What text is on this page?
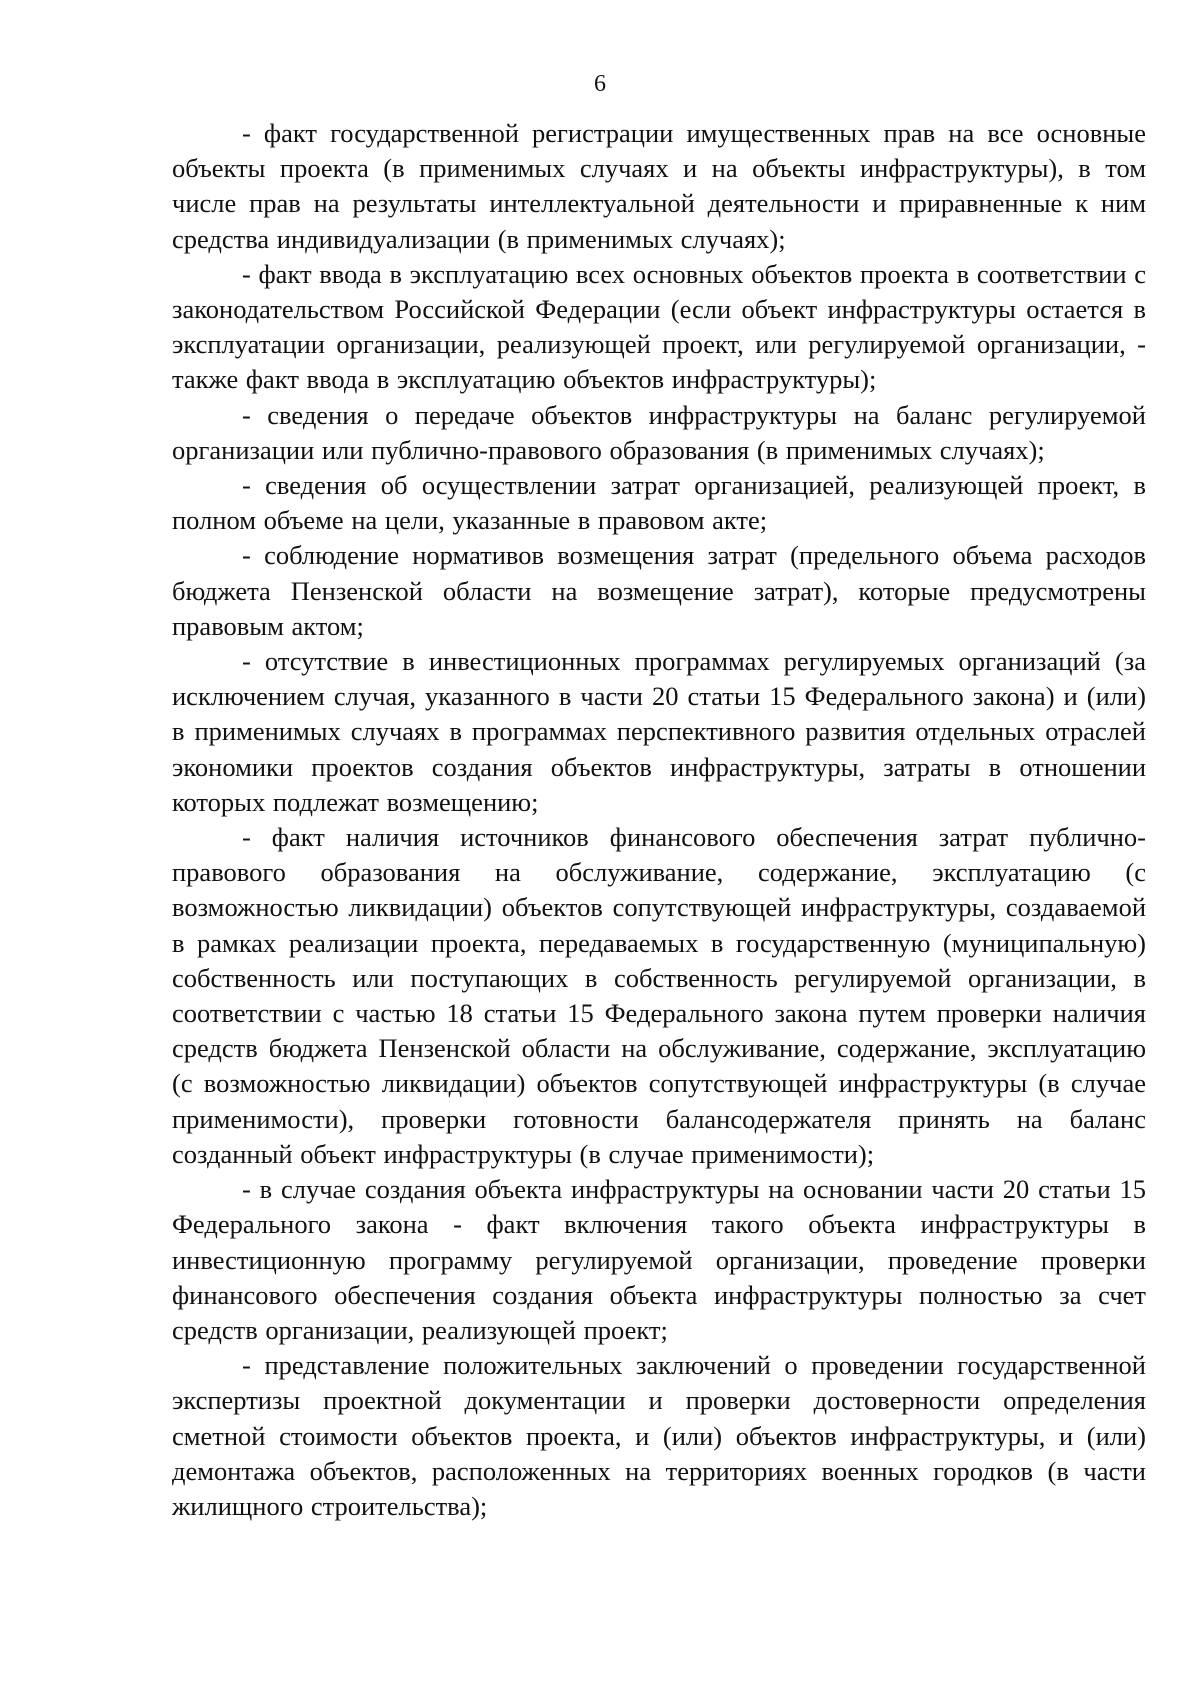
6

- факт государственной регистрации имущественных прав на все основные объекты проекта (в применимых случаях и на объекты инфраструктуры), в том числе прав на результаты интеллектуальной деятельности и приравненные к ним средства индивидуализации (в применимых случаях);

- факт ввода в эксплуатацию всех основных объектов проекта в соответствии с законодательством Российской Федерации (если объект инфраструктуры остается в эксплуатации организации, реализующей проект, или регулируемой организации, - также факт ввода в эксплуатацию объектов инфраструктуры);

- сведения о передаче объектов инфраструктуры на баланс регулируемой организации или публично-правового образования (в применимых случаях);

- сведения об осуществлении затрат организацией, реализующей проект, в полном объеме на цели, указанные в правовом акте;

- соблюдение нормативов возмещения затрат (предельного объема расходов бюджета Пензенской области на возмещение затрат), которые предусмотрены правовым актом;

- отсутствие в инвестиционных программах регулируемых организаций (за исключением случая, указанного в части 20 статьи 15 Федерального закона) и (или) в применимых случаях в программах перспективного развития отдельных отраслей экономики проектов создания объектов инфраструктуры, затраты в отношении которых подлежат возмещению;

- факт наличия источников финансового обеспечения затрат публично-правового образования на обслуживание, содержание, эксплуатацию (с возможностью ликвидации) объектов сопутствующей инфраструктуры, создаваемой в рамках реализации проекта, передаваемых в государственную (муниципальную) собственность или поступающих в собственность регулируемой организации, в соответствии с частью 18 статьи 15 Федерального закона путем проверки наличия средств бюджета Пензенской области на обслуживание, содержание, эксплуатацию (с возможностью ликвидации) объектов сопутствующей инфраструктуры (в случае применимости), проверки готовности балансодержателя принять на баланс созданный объект инфраструктуры (в случае применимости);

- в случае создания объекта инфраструктуры на основании части 20 статьи 15 Федерального закона - факт включения такого объекта инфраструктуры в инвестиционную программу регулируемой организации, проведение проверки финансового обеспечения создания объекта инфраструктуры полностью за счет средств организации, реализующей проект;

- представление положительных заключений о проведении государственной экспертизы проектной документации и проверки достоверности определения сметной стоимости объектов проекта, и (или) объектов инфраструктуры, и (или) демонтажа объектов, расположенных на территориях военных городков (в части жилищного строительства);
